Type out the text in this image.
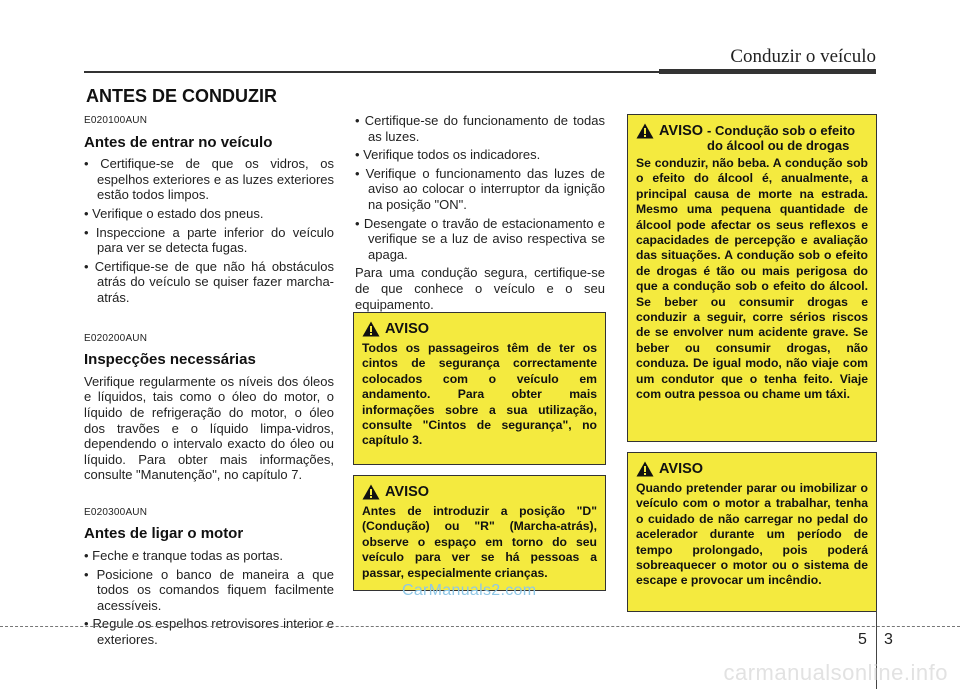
Conduzir o veículo
ANTES DE CONDUZIR
E020100AUN
Antes de entrar no veículo
• Certifique-se de que os vidros, os espelhos exteriores e as luzes exteriores estão todos limpos.
• Verifique o estado dos pneus.
• Inspeccione a parte inferior do veículo para ver se detecta fugas.
• Certifique-se de que não há obstáculos atrás do veículo se quiser fazer marcha-atrás.
E020200AUN
Inspecções necessárias

Verifique regularmente os níveis dos óleos e líquidos, tais como o óleo do motor, o líquido de refrigeração do motor, o óleo dos travões e o líquido limpa-vidros, dependendo o intervalo exacto do óleo ou líquido. Para obter mais informações, consulte "Manutenção", no capítulo 7.

E020300AUN
Antes de ligar o motor
• Feche e tranque todas as portas.
• Posicione o banco de maneira a que todos os comandos fiquem facilmente acessíveis.
• Regule os espelhos retrovisores interior e exteriores.
• Certifique-se do funcionamento de todas as luzes.
• Verifique todos os indicadores.
• Verifique o funcionamento das luzes de aviso ao colocar o interruptor da ignição na posição "ON".
• Desengate o travão de estacionamento e verifique se a luz de aviso respectiva se apaga.

Para uma condução segura, certifique-se de que conhece o veículo e o seu equipamento.

AVISO
Todos os passageiros têm de ter os cintos de segurança correctamente colocados com o veículo em andamento. Para obter mais informações sobre a sua utilização, consulte "Cintos de segurança", no capítulo 3.
AVISO
Antes de introduzir a posição "D" (Condução) ou "R" (Marcha-atrás), observe o espaço em torno do seu veículo para ver se há pessoas a passar, especialmente crianças.
AVISO - Condução sob o efeito do álcool ou de drogas
Se conduzir, não beba. A condução sob o efeito do álcool é, anualmente, a principal causa de morte na estrada. Mesmo uma pequena quantidade de álcool pode afectar os seus reflexos e capacidades de percepção e avaliação das situações. A condução sob o efeito de drogas é tão ou mais perigosa do que a condução sob o efeito do álcool. Se beber ou consumir drogas e conduzir a seguir, corre sérios riscos de se envolver num acidente grave. Se beber ou consumir drogas, não conduza. De igual modo, não viaje com um condutor que o tenha feito. Viaje com outra pessoa ou chame um táxi.
AVISO
Quando pretender parar ou imobilizar o veículo com o motor a trabalhar, tenha o cuidado de não carregar no pedal do acelerador durante um período de tempo prolongado, pois poderá sobreaquecer o motor ou o sistema de escape e provocar um incêndio.
CarManuals2.com
5 3
carmanualsonline.info
